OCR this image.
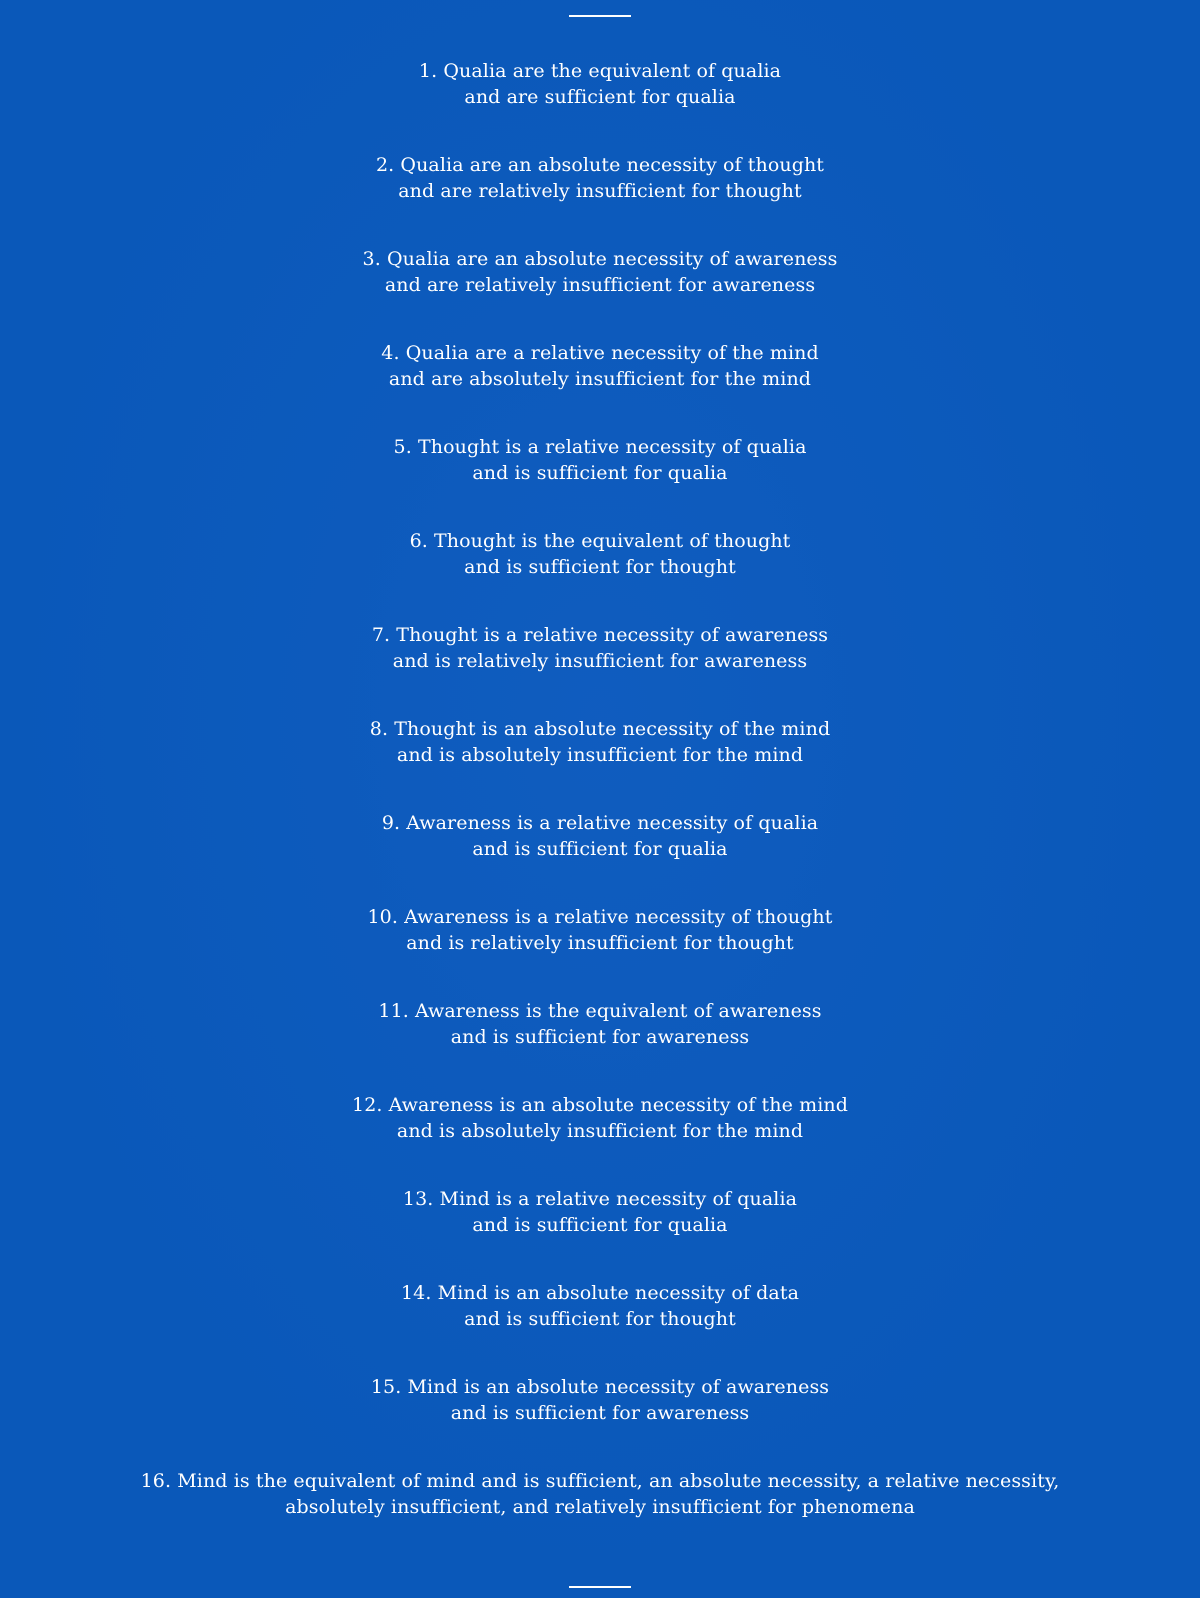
1. Qualia are the equivalent of qualia
and are sufficient for qualia
2. Qualia are an absolute necessity of thought
and are relatively insufficient for thought
3. Qualia are an absolute necessity of awareness
and are relatively insufficient for awareness
4. Qualia are a relative necessity of the mind
and are absolutely insufficient for the mind
5. Thought is a relative necessity of qualia
and is sufficient for qualia
6. Thought is the equivalent of thought
and is sufficient for thought
7. Thought is a relative necessity of awareness
and is relatively insufficient for awareness
8. Thought is an absolute necessity of the mind
and is absolutely insufficient for the mind
9. Awareness is a relative necessity of qualia
and is sufficient for qualia
10. Awareness is a relative necessity of thought
and is relatively insufficient for thought
11. Awareness is the equivalent of awareness
and is sufficient for awareness
12. Awareness is an absolute necessity of the mind
and is absolutely insufficient for the mind
13. Mind is a relative necessity of qualia
and is sufficient for qualia
14. Mind is an absolute necessity of data
and is sufficient for thought
15. Mind is an absolute necessity of awareness
and is sufficient for awareness
16. Mind is the equivalent of mind and is sufficient, an absolute necessity, a relative necessity,
absolutely insufficient, and relatively insufficient for phenomena
